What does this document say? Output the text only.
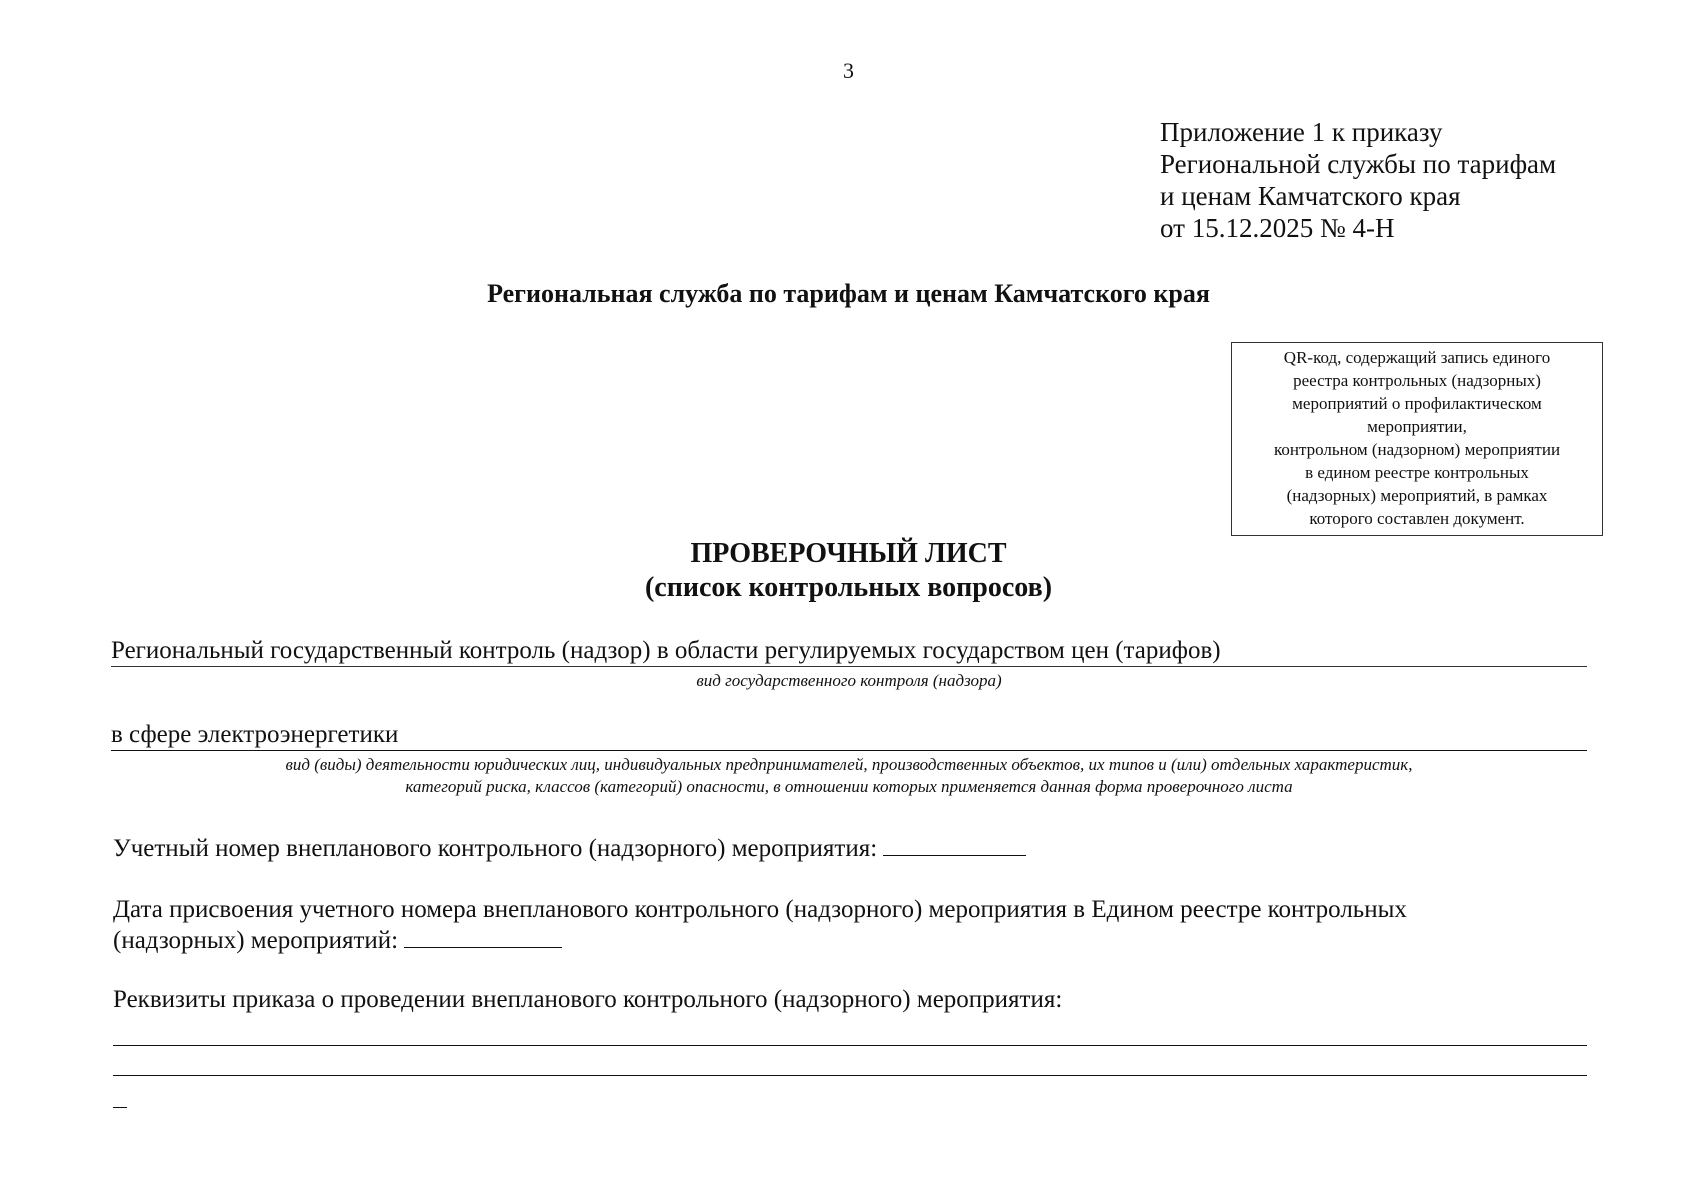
3
Приложение 1 к приказу
Региональной службы по тарифам
и ценам Камчатского края
от 15.12.2025 № 4-Н
Региональная служба по тарифам и ценам Камчатского края
QR-код, содержащий запись единого
реестра контрольных (надзорных)
мероприятий о профилактическом
мероприятии,
контрольном (надзорном) мероприятии
в едином реестре контрольных
(надзорных) мероприятий, в рамках
которого составлен документ.
ПРОВЕРОЧНЫЙ ЛИСТ
(список контрольных вопросов)
Региональный государственный контроль (надзор) в области регулируемых государством цен (тарифов)
вид государственного контроля (надзора)
в сфере электроэнергетики
вид (виды) деятельности юридических лиц, индивидуальных предпринимателей, производственных объектов, их типов и (или) отдельных характеристик,
категорий риска, классов (категорий) опасности, в отношении которых применяется данная форма проверочного листа
Учетный номер внепланового контрольного (надзорного) мероприятия:
Дата присвоения учетного номера внепланового контрольного (надзорного) мероприятия в Едином реестре контрольных
(надзорных) мероприятий:
Реквизиты приказа о проведении внепланового контрольного (надзорного) мероприятия:
